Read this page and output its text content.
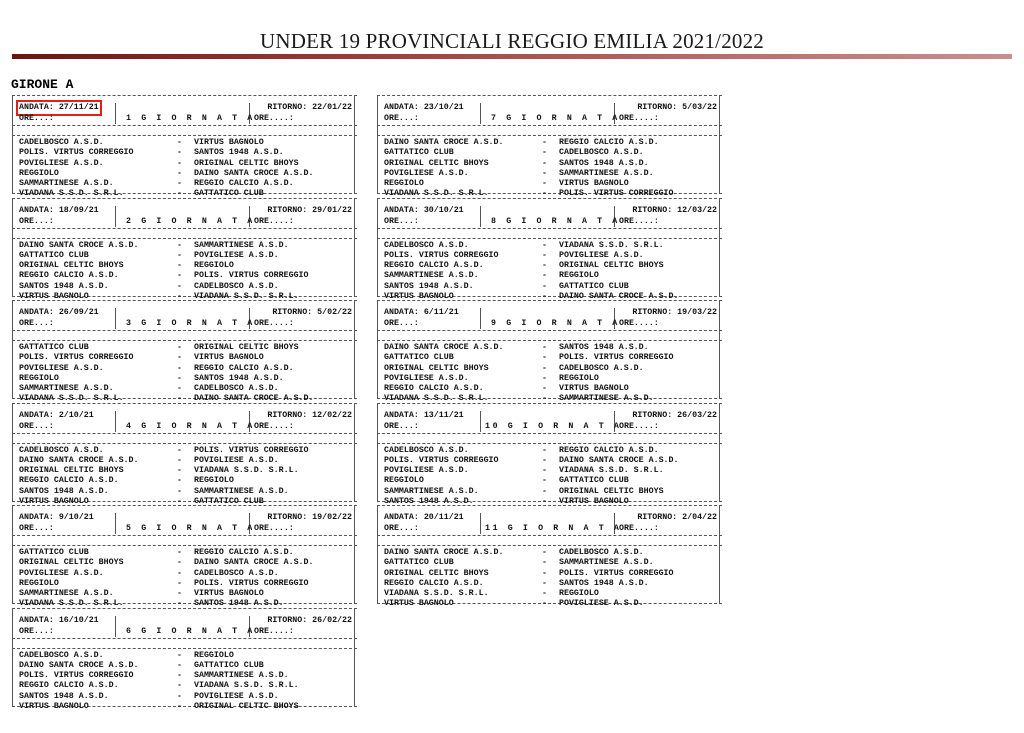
UNDER 19 PROVINCIALI REGGIO EMILIA 2021/2022
GIRONE A
ANDATA: 27/11/21	RITORNO: 22/01/22
ORE...:	1 G I O R N A T A ORE....:
CADELBOSCO A.S.D.	- VIRTUS BAGNOLO
POLIS. VIRTUS CORREGGIO	- SANTOS 1948 A.S.D.
POVIGLIESE A.S.D.	- ORIGINAL CELTIC BHOYS
REGGIOLO	- DAINO SANTA CROCE A.S.D.
SAMMARTINESE A.S.D.	- REGGIO CALCIO A.S.D.
VIADANA S.S.D. S.R.L.	- GATTATICO CLUB
ANDATA: 18/09/21	RITORNO: 29/01/22
ORE...:	2 G I O R N A T A ORE....:
DAINO SANTA CROCE A.S.D.	- SAMMARTINESE A.S.D.
GATTATICO CLUB	- POVIGLIESE A.S.D.
ORIGINAL CELTIC BHOYS	- REGGIOLO
REGGIO CALCIO A.S.D.	- POLIS. VIRTUS CORREGGIO
SANTOS 1948 A.S.D.	- CADELBOSCO A.S.D.
VIRTUS BAGNOLO	- VIADANA S.S.D. S.R.L.
ANDATA: 26/09/21	RITORNO: 5/02/22
ORE...:	3 G I O R N A T A ORE....:
GATTATICO CLUB	- ORIGINAL CELTIC BHOYS
POLIS. VIRTUS CORREGGIO	- VIRTUS BAGNOLO
POVIGLIESE A.S.D.	- REGGIO CALCIO A.S.D.
REGGIOLO	- SANTOS 1948 A.S.D.
SAMMARTINESE A.S.D.	- CADELBOSCO A.S.D.
VIADANA S.S.D. S.R.L.	- DAINO SANTA CROCE A.S.D.
ANDATA: 2/10/21	RITORNO: 12/02/22
ORE...:	4 G I O R N A T A ORE....:
CADELBOSCO A.S.D.	- POLIS. VIRTUS CORREGGIO
DAINO SANTA CROCE A.S.D.	- POVIGLIESE A.S.D.
ORIGINAL CELTIC BHOYS	- VIADANA S.S.D. S.R.L.
REGGIO CALCIO A.S.D.	- REGGIOLO
SANTOS 1948 A.S.D.	- SAMMARTINESE A.S.D.
VIRTUS BAGNOLO	- GATTATICO CLUB
ANDATA: 9/10/21	RITORNO: 19/02/22
ORE...:	5 G I O R N A T A ORE....:
GATTATICO CLUB	- REGGIO CALCIO A.S.D.
ORIGINAL CELTIC BHOYS	- DAINO SANTA CROCE A.S.D.
POVIGLIESE A.S.D.	- CADELBOSCO A.S.D.
REGGIOLO	- POLIS. VIRTUS CORREGGIO
SAMMARTINESE A.S.D.	- VIRTUS BAGNOLO
VIADANA S.S.D. S.R.L.	- SANTOS 1948 A.S.D.
ANDATA: 16/10/21	RITORNO: 26/02/22
ORE...:	6 G I O R N A T A ORE....:
CADELBOSCO A.S.D.	- REGGIOLO
DAINO SANTA CROCE A.S.D.	- GATTATICO CLUB
POLIS. VIRTUS CORREGGIO	- SAMMARTINESE A.S.D.
REGGIO CALCIO A.S.D.	- VIADANA S.S.D. S.R.L.
SANTOS 1948 A.S.D.	- POVIGLIESE A.S.D.
VIRTUS BAGNOLO	- ORIGINAL CELTIC BHOYS
ANDATA: 23/10/21	RITORNO: 5/03/22
ORE...:	7 G I O R N A T A ORE....:
DAINO SANTA CROCE A.S.D.	- REGGIO CALCIO A.S.D.
GATTATICO CLUB	- CADELBOSCO A.S.D.
ORIGINAL CELTIC BHOYS	- SANTOS 1948 A.S.D.
POVIGLIESE A.S.D.	- SAMMARTINESE A.S.D.
REGGIOLO	- VIRTUS BAGNOLO
VIADANA S.S.D. S.R.L.	- POLIS. VIRTUS CORREGGIO
ANDATA: 30/10/21	RITORNO: 12/03/22
ORE...:	8 G I O R N A T A ORE....:
CADELBOSCO A.S.D.	- VIADANA S.S.D. S.R.L.
POLIS. VIRTUS CORREGGIO	- POVIGLIESE A.S.D.
REGGIO CALCIO A.S.D.	- ORIGINAL CELTIC BHOYS
SAMMARTINESE A.S.D.	- REGGIOLO
SANTOS 1948 A.S.D.	- GATTATICO CLUB
VIRTUS BAGNOLO	- DAINO SANTA CROCE A.S.D.
ANDATA: 6/11/21	RITORNO: 19/03/22
ORE...:	9 G I O R N A T A ORE....:
DAINO SANTA CROCE A.S.D.	- SANTOS 1948 A.S.D.
GATTATICO CLUB	- POLIS. VIRTUS CORREGGIO
ORIGINAL CELTIC BHOYS	- CADELBOSCO A.S.D.
POVIGLIESE A.S.D.	- REGGIOLO
REGGIO CALCIO A.S.D.	- VIRTUS BAGNOLO
VIADANA S.S.D. S.R.L.	- SAMMARTINESE A.S.D.
ANDATA: 13/11/21	RITORNO: 26/03/22
ORE...:	10 G I O R N A T A
ORE....:
CADELBOSCO A.S.D.	- REGGIO CALCIO A.S.D.
POLIS. VIRTUS CORREGGIO	- DAINO SANTA CROCE A.S.D.
POVIGLIESE A.S.D.	- VIADANA S.S.D. S.R.L.
REGGIOLO	- GATTATICO CLUB
SAMMARTINESE A.S.D.	- ORIGINAL CELTIC BHOYS
SANTOS 1948 A.S.D.	- VIRTUS BAGNOLO
ANDATA: 20/11/21	RITORNO: 2/04/22
ORE...:	11 G I O R N A T A
ORE....:
DAINO SANTA CROCE A.S.D.	- CADELBOSCO A.S.D.
GATTATICO CLUB	- SAMMARTINESE A.S.D.
ORIGINAL CELTIC BHOYS	- POLIS. VIRTUS CORREGGIO
REGGIO CALCIO A.S.D.	- SANTOS 1948 A.S.D.
VIADANA S.S.D. S.R.L.	- REGGIOLO
VIRTUS BAGNOLO	- POVIGLIESE A.S.D.
